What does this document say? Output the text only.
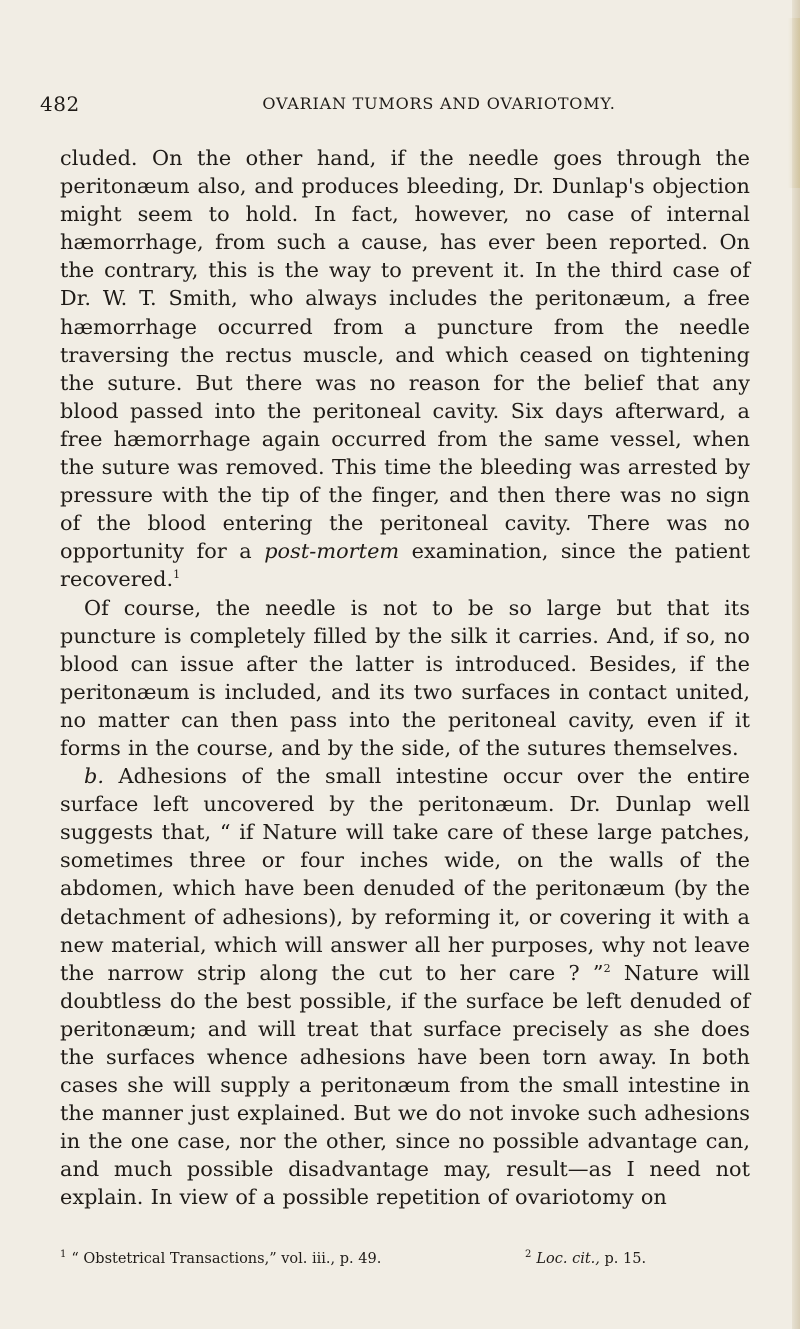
482	OVARIAN TUMORS AND OVARIOTOMY.

cluded. On the other hand, if the needle goes through the peritonæum also, and produces bleeding, Dr. Dunlap's objection might seem to hold. In fact, however, no case of internal hæmorrhage, from such a cause, has ever been reported. On the contrary, this is the way to prevent it. In the third case of Dr. W. T. Smith, who always includes the peritonæum, a free hæmorrhage occurred from a puncture from the needle traversing the rectus muscle, and which ceased on tightening the suture. But there was no reason for the belief that any blood passed into the peritoneal cavity. Six days afterward, a free hæmorrhage again occurred from the same vessel, when the suture was removed. This time the bleeding was arrested by pressure with the tip of the finger, and then there was no sign of the blood entering the peritoneal cavity. There was no opportunity for a post-mortem examination, since the patient recovered.$^1$

Of course, the needle is not to be so large but that its puncture is completely filled by the silk it carries. And, if so, no blood can issue after the latter is introduced. Besides, if the peritonæum is included, and its two surfaces in contact united, no matter can then pass into the peritoneal cavity, even if it forms in the course, and by the side, of the sutures themselves.

b. Adhesions of the small intestine occur over the entire surface left uncovered by the peritonæum. Dr. Dunlap well suggests that, “ if Nature will take care of these large patches, sometimes three or four inches wide, on the walls of the abdomen, which have been denuded of the peritonæum (by the detachment of adhesions), by reforming it, or covering it with a new material, which will answer all her purposes, why not leave the narrow strip along the cut to her care ? ”$^2$ Nature will doubtless do the best possible, if the surface be left denuded of peritonæum; and will treat that surface precisely as she does the surfaces whence adhesions have been torn away. In both cases she will supply a peritonæum from the small intestine in the manner just explained. But we do not invoke such adhesions in the one case, nor the other, since no possible advantage can, and much possible disadvantage may, result—as I need not explain. In view of a possible repetition of ovariotomy on

$^1$ “ Obstetrical Transactions,” vol. iii., p. 49.	$^2$ Loc. cit., p. 15.
